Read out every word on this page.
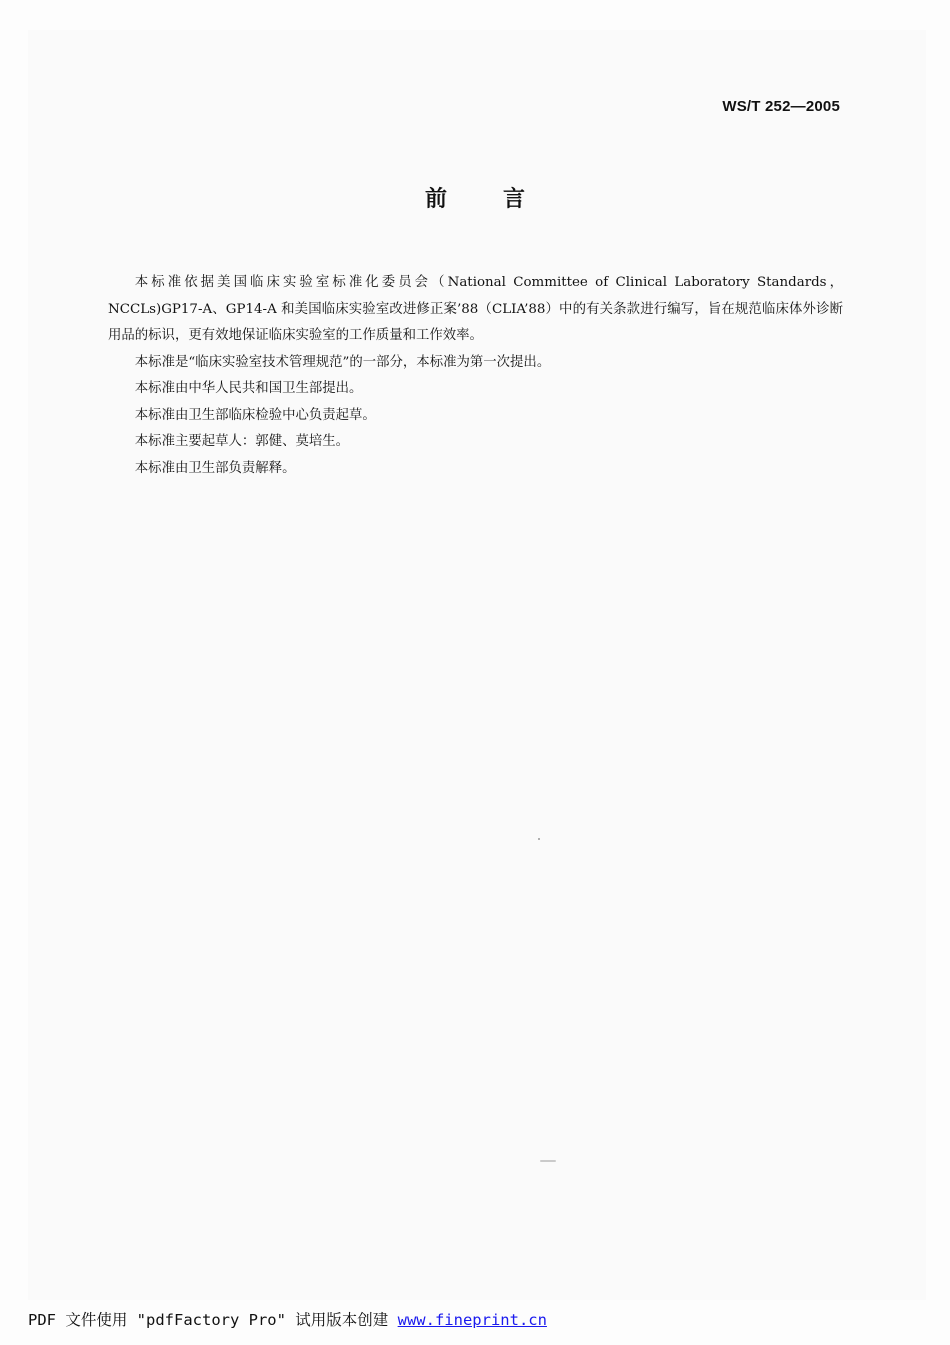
WS/T 252—2005
前言

本标准依据美国临床实验室标准化委员会（National Committee of Clinical Laboratory Standards，NCCLs)GP17-A、GP14-A 和美国临床实验室改进修正案’88（CLIA’88）中的有关条款进行编写，旨在规范临床体外诊断用品的标识，更有效地保证临床实验室的工作质量和工作效率。

本标准是“临床实验室技术管理规范”的一部分，本标准为第一次提出。

本标准由中华人民共和国卫生部提出。

本标准由卫生部临床检验中心负责起草。

本标准主要起草人：郭健、莫培生。

本标准由卫生部负责解释。

PDF 文件使用 "pdfFactory Pro" 试用版本创建 www.fineprint.cn
